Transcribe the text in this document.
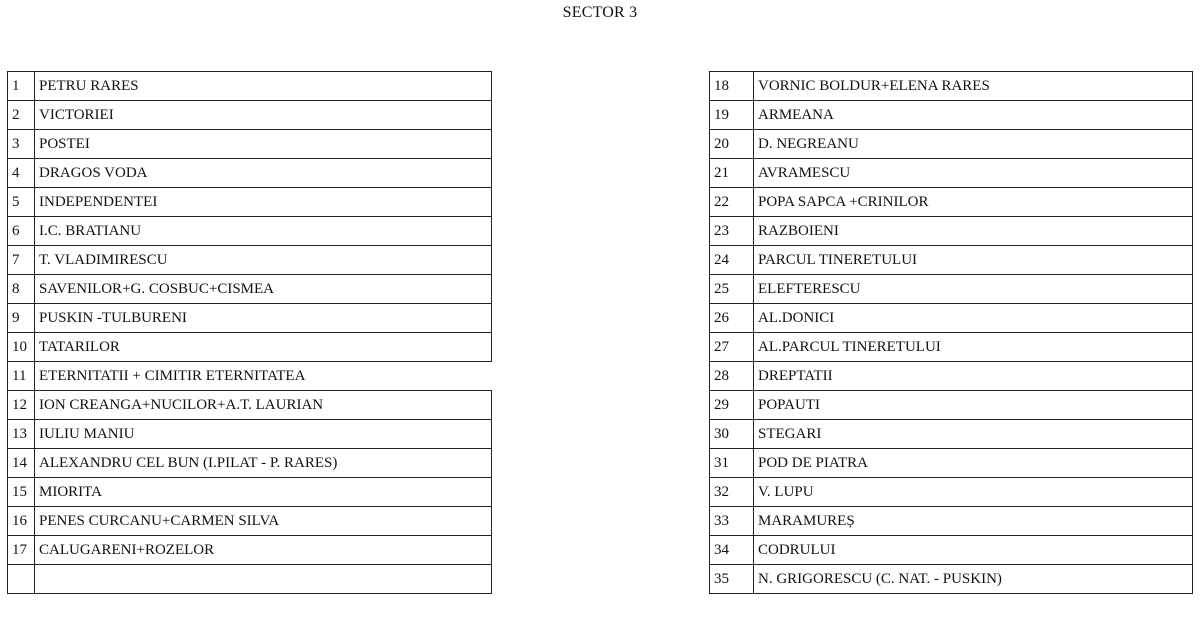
SECTOR 3
1	PETRU RARES
2	VICTORIEI
3	POSTEI
4	DRAGOS VODA
5	INDEPENDENTEI
6	I.C. BRATIANU
7	T. VLADIMIRESCU
8	SAVENILOR+G. COSBUC+CISMEA
9	PUSKIN -TULBURENI
10	TATARILOR
11	ETERNITATII + CIMITIR ETERNITATEA
12	ION CREANGA+NUCILOR+A.T. LAURIAN
13	IULIU MANIU
14	ALEXANDRU CEL BUN (I.PILAT - P. RARES)
15	MIORITA
16	PENES CURCANU+CARMEN SILVA
17	CALUGARENI+ROZELOR

18	VORNIC BOLDUR+ELENA RARES
19	ARMEANA
20	D. NEGREANU
21	AVRAMESCU
22	POPA SAPCA +CRINILOR
23	RAZBOIENI
24	PARCUL TINERETULUI
25	ELEFTERESCU
26	AL.DONICI
27	AL.PARCUL TINERETULUI
28	DREPTATII
29	POPAUTI
30	STEGARI
31	POD DE PIATRA
32	V. LUPU
33	MARAMUREȘ
34	CODRULUI
35	N. GRIGORESCU (C. NAT. - PUSKIN)
